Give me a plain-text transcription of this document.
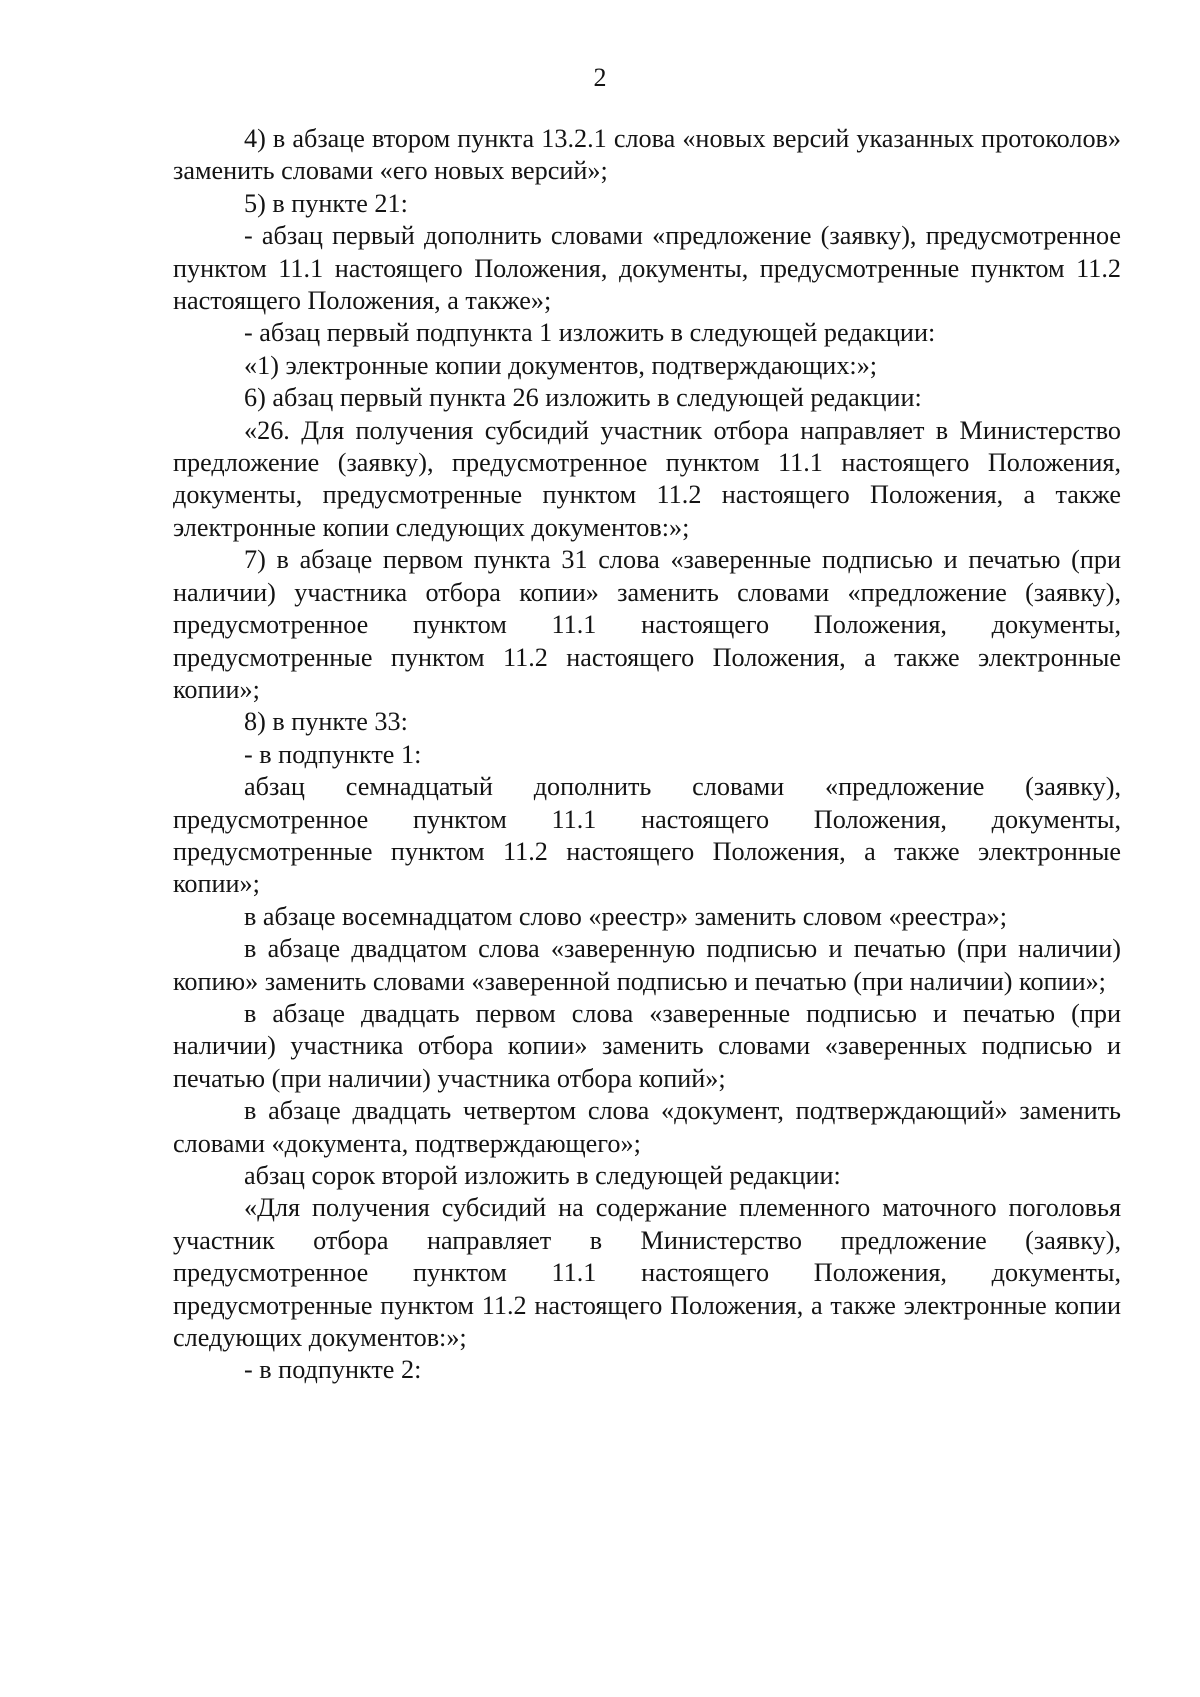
2

4) в абзаце втором пункта 13.2.1 слова «новых версий указанных протоколов» заменить словами «его новых версий»;

5) в пункте 21:

- абзац первый дополнить словами «предложение (заявку), предусмотренное пунктом 11.1 настоящего Положения, документы, предусмотренные пунктом 11.2 настоящего Положения, а также»;

- абзац первый подпункта 1 изложить в следующей редакции:

«1) электронные копии документов, подтверждающих:»;

6) абзац первый пункта 26 изложить в следующей редакции:

«26. Для получения субсидий участник отбора направляет в Министерство предложение (заявку), предусмотренное пунктом 11.1 настоящего Положения, документы, предусмотренные пунктом 11.2 настоящего Положения, а также электронные копии следующих документов:»;

7) в абзаце первом пункта 31 слова «заверенные подписью и печатью (при наличии) участника отбора копии» заменить словами «предложение (заявку), предусмотренное пунктом 11.1 настоящего Положения, документы, предусмотренные пунктом 11.2 настоящего Положения, а также электронные копии»;

8) в пункте 33:

- в подпункте 1:

абзац семнадцатый дополнить словами «предложение (заявку), предусмотренное пунктом 11.1 настоящего Положения, документы, предусмотренные пунктом 11.2 настоящего Положения, а также электронные копии»;

в абзаце восемнадцатом слово «реестр» заменить словом «реестра»;

в абзаце двадцатом слова «заверенную подписью и печатью (при наличии) копию» заменить словами «заверенной подписью и печатью (при наличии) копии»;

в абзаце двадцать первом слова «заверенные подписью и печатью (при наличии) участника отбора копии» заменить словами «заверенных подписью и печатью (при наличии) участника отбора копий»;

в абзаце двадцать четвертом слова «документ, подтверждающий» заменить словами «документа, подтверждающего»;

абзац сорок второй изложить в следующей редакции:

«Для получения субсидий на содержание племенного маточного поголовья участник отбора направляет в Министерство предложение (заявку), предусмотренное пунктом 11.1 настоящего Положения, документы, предусмотренные пунктом 11.2 настоящего Положения, а также электронные копии следующих документов:»;

- в подпункте 2:
